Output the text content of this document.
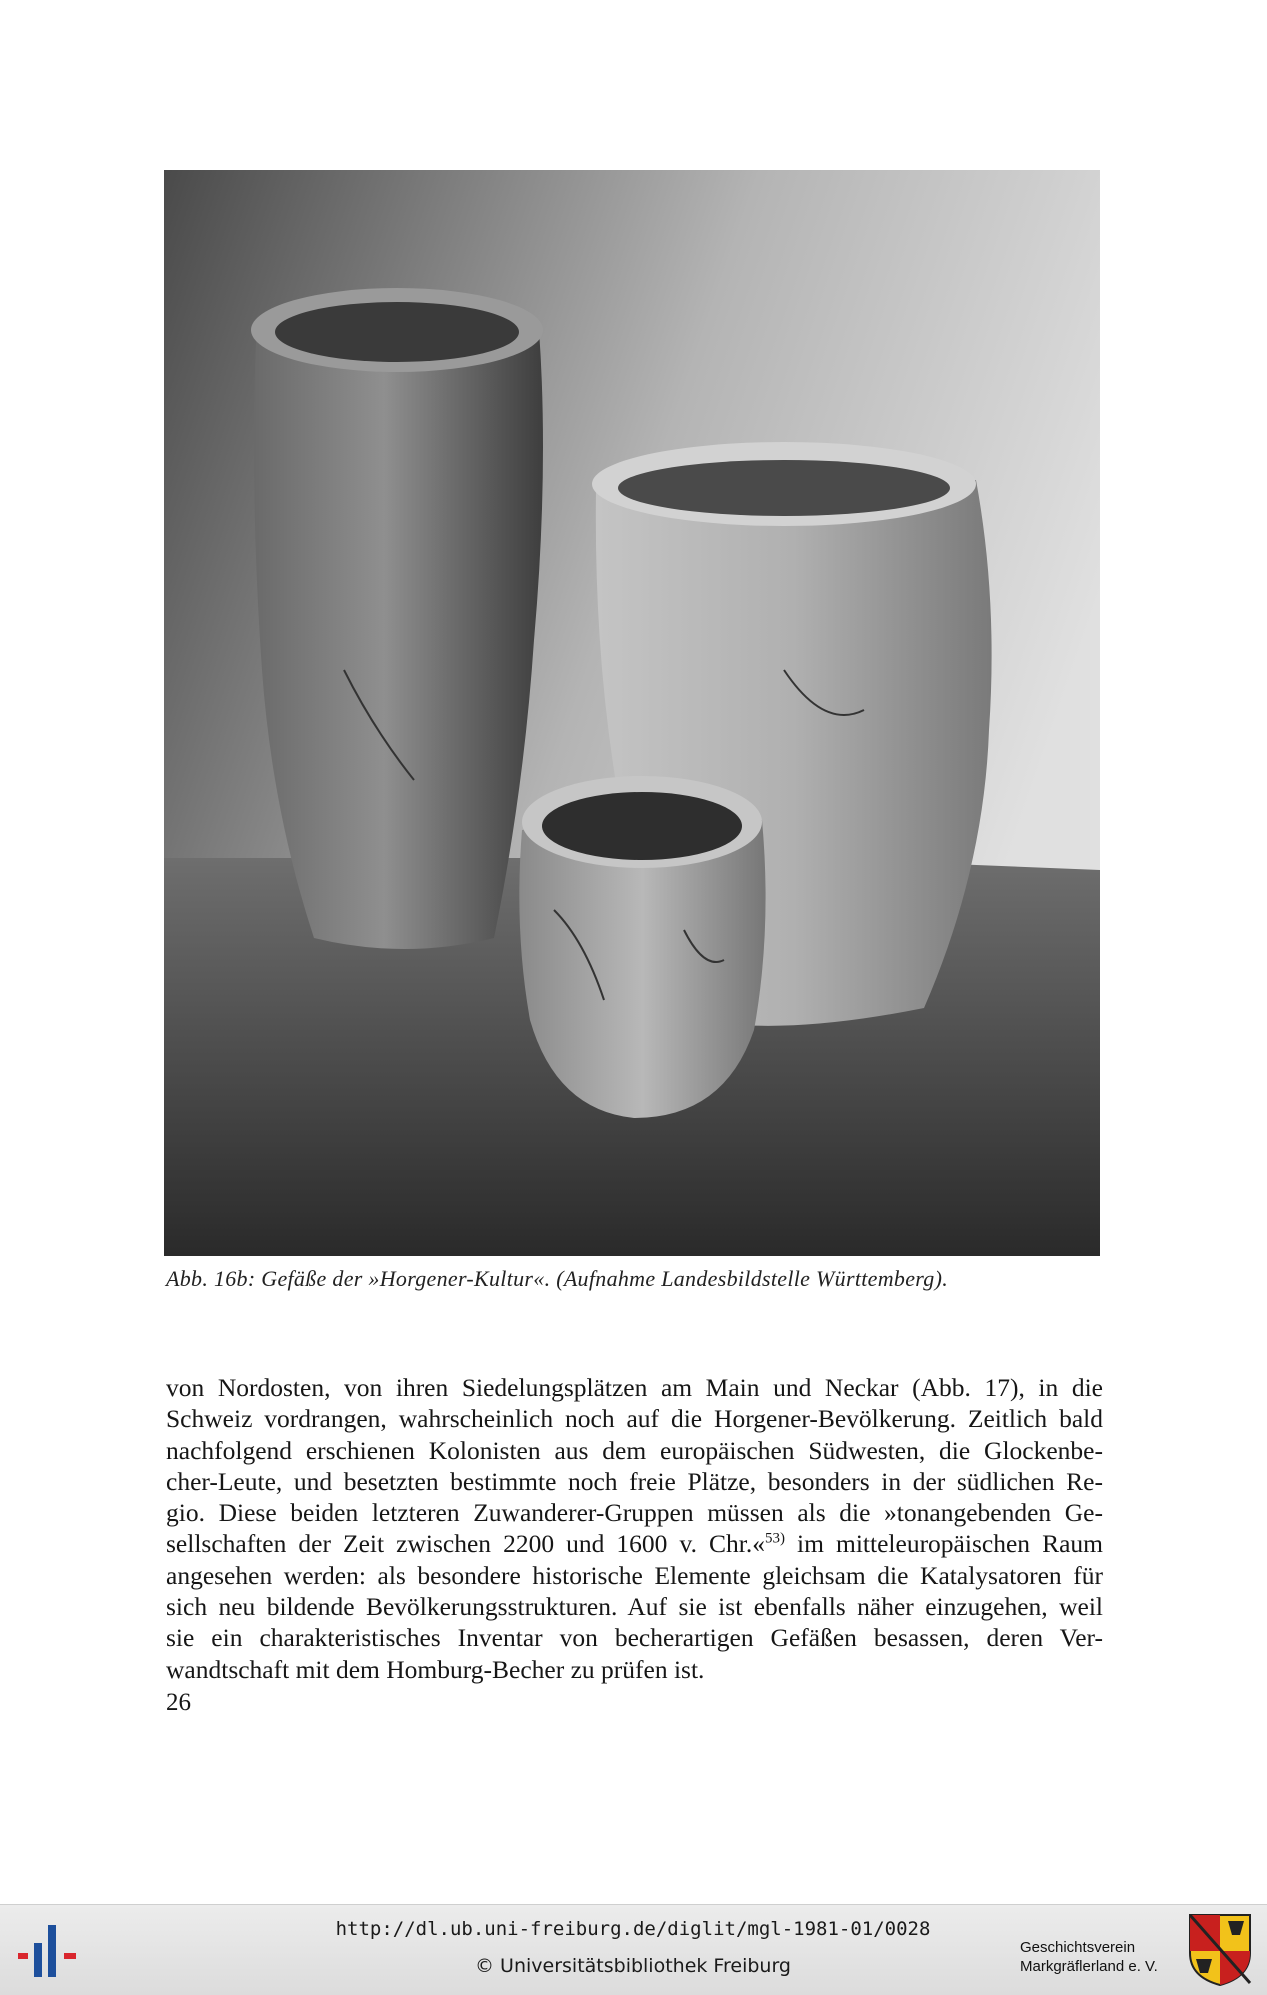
Abb. 16b: Gefäße der »Horgener-Kultur«. (Aufnahme Landesbildstelle Württemberg).
von Nordosten, von ihren Siedelungsplätzen am Main und Neckar (Abb. 17), in die
Schweiz vordrangen, wahrscheinlich noch auf die Horgener-Bevölkerung. Zeitlich bald
nachfolgend erschienen Kolonisten aus dem europäischen Südwesten, die Glockenbe-
cher-Leute, und besetzten bestimmte noch freie Plätze, besonders in der südlichen Re-
gio. Diese beiden letzteren Zuwanderer-Gruppen müssen als die »tonangebenden Ge-
sellschaften der Zeit zwischen 2200 und 1600 v. Chr.«$^{53)}$ im mitteleuropäischen Raum
angesehen werden: als besondere historische Elemente gleichsam die Katalysatoren für
sich neu bildende Bevölkerungsstrukturen. Auf sie ist ebenfalls näher einzugehen, weil
sie ein charakteristisches Inventar von becherartigen Gefäßen besassen, deren Ver-
wandtschaft mit dem Homburg-Becher zu prüfen ist.
26
http://dl.ub.uni-freiburg.de/diglit/mgl-1981-01/0028
© Universitätsbibliothek Freiburg
Geschichtsverein
Markgräflerland e. V.
